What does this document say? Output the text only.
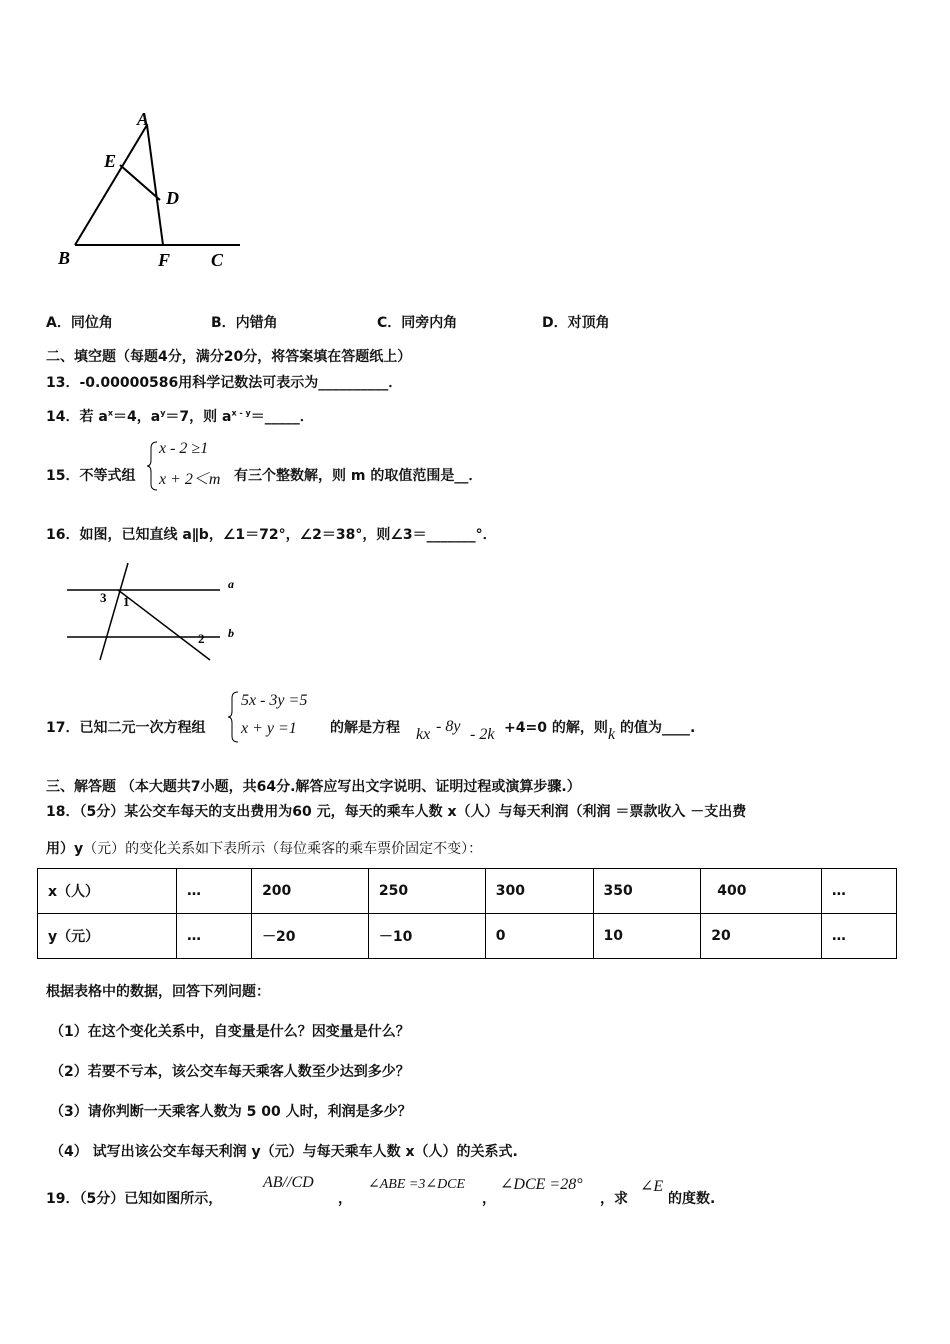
A
E
D
B	F C
a
b
3 1
2
A．同位角	B．内错角	C．同旁内角	D．对顶角
二、填空题（每题4分，满分20分，将答案填在答题纸上）
13．-0.00000586用科学记数法可表示为__________．
14．若 $a^x=4$，$a^y=7$，则 $a^{x - y}=\_\_\_\_\_$．
15．不等式组
x - 2 ≥1
x + 2＜m 有三个整数解，则 m 的取值范围是__．
16．如图，已知直线 a∥b，∠1＝72°，∠2＝38°，则∠3＝_______°．
17．已知二元一次方程组
5x - 3y =5
x + y =1 的解是方程 kx - 8y - 2k +4=0 的解，则 k 的值为____.
三、解答题 （本大题共7小题，共64分.解答应写出文字说明、证明过程或演算步骤.）
18．（5分）某公交车每天的支出费用为60 元，每天的乘车人数 x（人）与每天利润（利润 ＝票款收入 －支出费
用）y（元）的变化关系如下表所示（每位乘客的乘车票价固定不变）：
x（人）	…	200	250	300	350	400	…
y（元）	…	－20	－10	0	10	20	…
根据表格中的数据，回答下列问题：
（1）在这个变化关系中，自变量是什么？因变量是什么？
（2）若要不亏本，该公交车每天乘客人数至少达到多少？
（3）请你判断一天乘客人数为 5 00 人时，利润是多少？
（4） 试写出该公交车每天利润 y（元）与每天乘车人数 x（人）的关系式.
19．（5分）已知如图所示，
AB//CD
，
∠ABE =3∠DCE
，
∠DCE =28°
，求
∠E
的度数.
